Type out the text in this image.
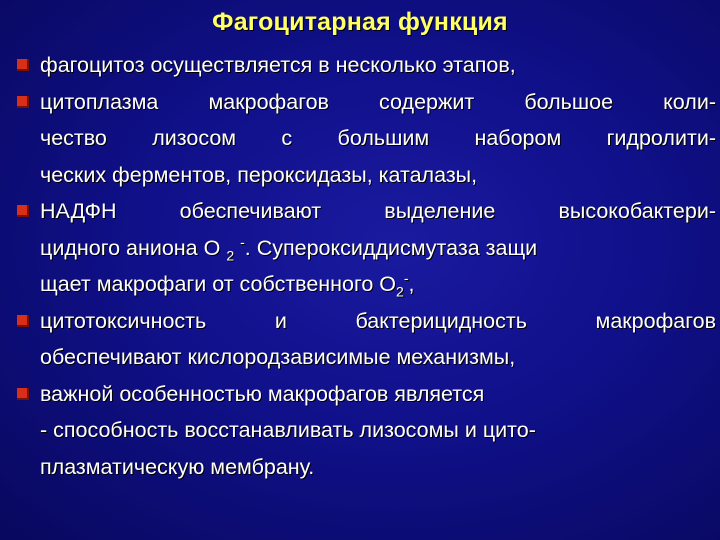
Фагоцитарная функция
фагоцитоз осуществляется в несколько этапов,
цитоплазма макрофагов содержит большое коли-
чество лизосом с большим набором гидролити-
ческих ферментов, пероксидазы, каталазы,
НАДФН обеспечивают выделение высокобактери-
цидного аниона О $_2$ -. Супероксиддисмутаза защи
щает макрофаги от собственного $О_2^-$,
цитотоксичность и бактерицидность макрофагов
обеспечивают кислородзависимые механизмы,
важной особенностью макрофагов является
- способность восстанавливать лизосомы и цито-
плазматическую мембрану.
